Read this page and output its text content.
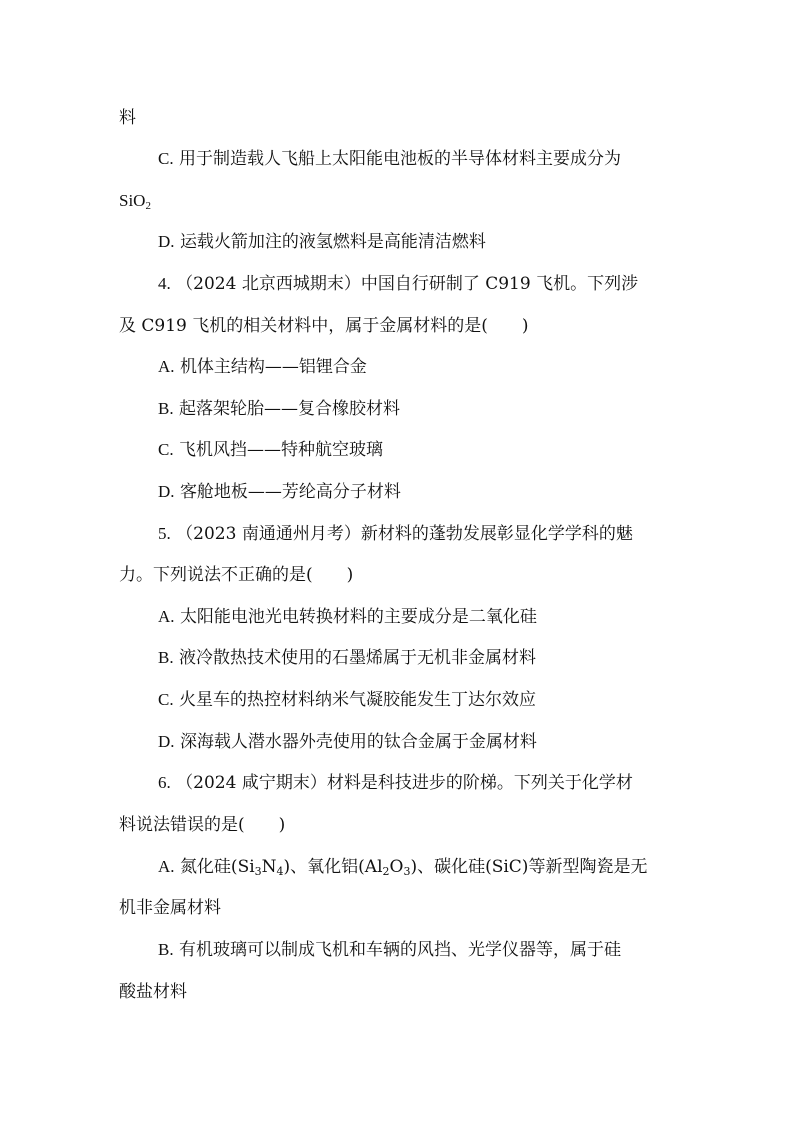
料
C. 用于制造载人飞船上太阳能电池板的半导体材料主要成分为
SiO$_2$
D. 运载火箭加注的液氢燃料是高能清洁燃料
4. （2024 北京西城期末）中国自行研制了 C919 飞机。下列涉
及 C919 飞机的相关材料中，属于金属材料的是(　　)
A. 机体主结构——铝锂合金
B. 起落架轮胎——复合橡胶材料
C. 飞机风挡——特种航空玻璃
D. 客舱地板——芳纶高分子材料
5. （2023 南通通州月考）新材料的蓬勃发展彰显化学学科的魅
力。下列说法不正确的是(　　)
A. 太阳能电池光电转换材料的主要成分是二氧化硅
B. 液冷散热技术使用的石墨烯属于无机非金属材料
C. 火星车的热控材料纳米气凝胶能发生丁达尔效应
D. 深海载人潜水器外壳使用的钛合金属于金属材料
6. （2024 咸宁期末）材料是科技进步的阶梯。下列关于化学材
料说法错误的是(　　)
A. 氮化硅$(Si_3N_4)$、氧化铝$(Al_2O_3)$、碳化硅(SiC)等新型陶瓷是无
机非金属材料
B. 有机玻璃可以制成飞机和车辆的风挡、光学仪器等，属于硅
酸盐材料
